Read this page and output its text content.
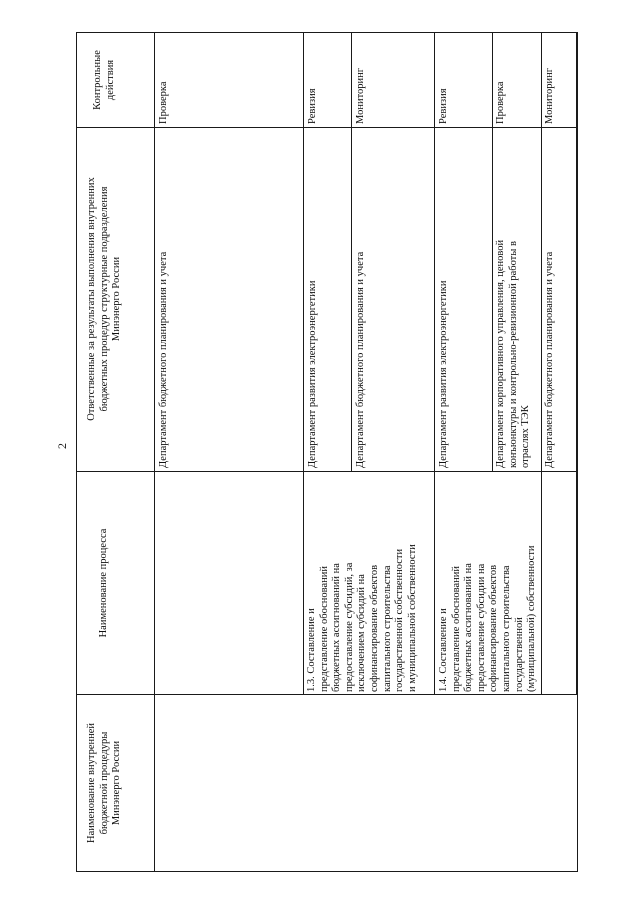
2
Наименование внутренней бюджетной процедуры Минэнерго России
Наименование процесса
Ответственные за результаты выполнения внутренних бюджетных процедур структурные подразделения Минэнерго России
Контрольные действия
1.3. Составление и представление обоснований бюджетных ассигнований на предоставление субсидий, за исключением субсидий на софинансирование объектов капитального строительства государственной собственности и муниципальной собственности 1.4. Составление и представление обоснований бюджетных ассигнований на предоставление субсидии на софинансирование объектов капитального строительства государственной (муниципальной) собственности
Департамент бюджетного планирования и учета
Проверка
Департамент развития электроэнергетики
Ревизия
Департамент бюджетного планирования и учета
Мониторинг
Департамент развития электроэнергетики
Ревизия
Департамент корпоративного управления, ценовой конъюнктуры и контрольно-ревизионной работы в отраслях ТЭК
Проверка
Департамент бюджетного планирования и учета
Мониторинг
